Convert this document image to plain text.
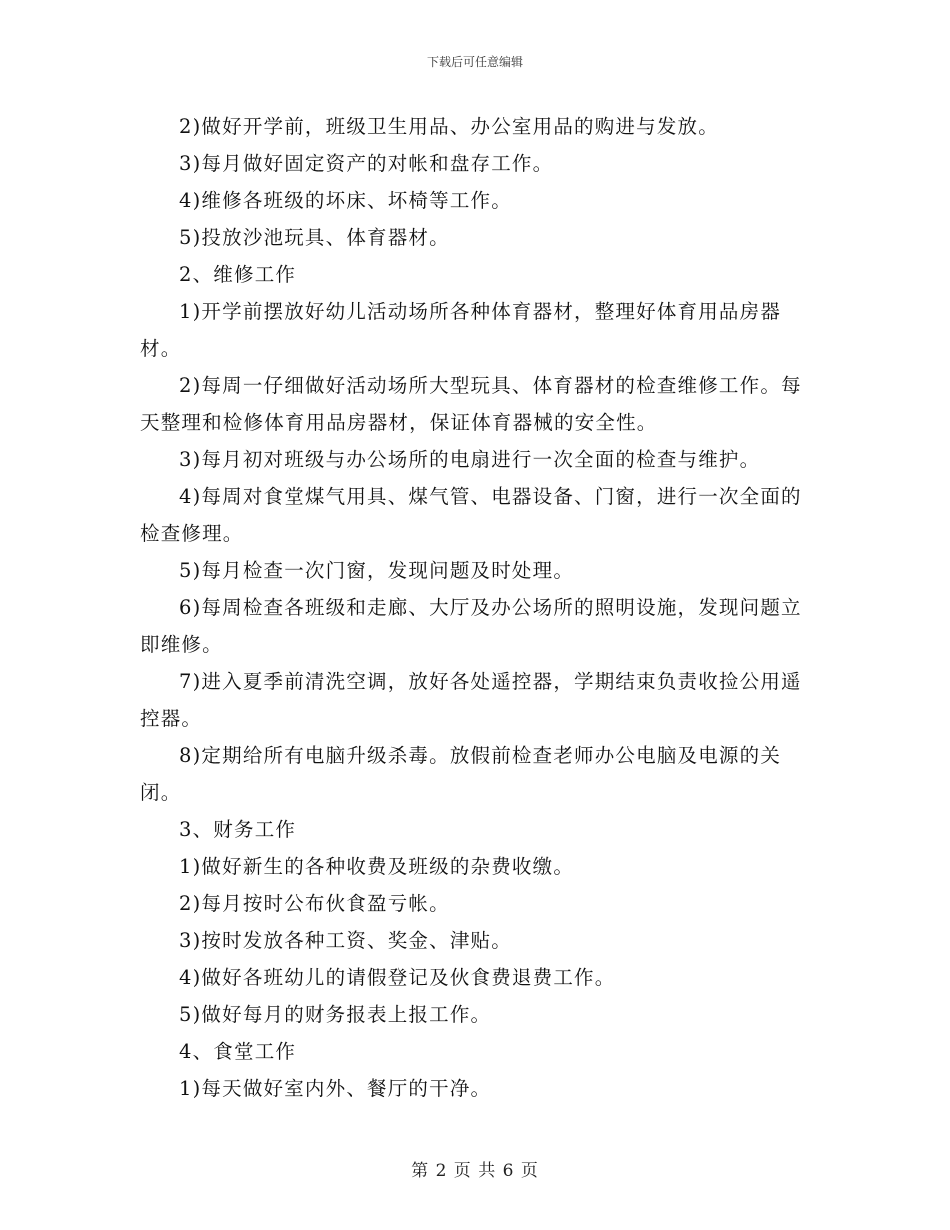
下载后可任意编辑

2)做好开学前，班级卫生用品、办公室用品的购进与发放。

3)每月做好固定资产的对帐和盘存工作。

4)维修各班级的坏床、坏椅等工作。

5)投放沙池玩具、体育器材。

2、维修工作

1)开学前摆放好幼儿活动场所各种体育器材，整理好体育用品房器材。

2)每周一仔细做好活动场所大型玩具、体育器材的检查维修工作。每天整理和检修体育用品房器材，保证体育器械的安全性。

3)每月初对班级与办公场所的电扇进行一次全面的检查与维护。

4)每周对食堂煤气用具、煤气管、电器设备、门窗，进行一次全面的检查修理。

5)每月检查一次门窗，发现问题及时处理。

6)每周检查各班级和走廊、大厅及办公场所的照明设施，发现问题立即维修。

7)进入夏季前清洗空调，放好各处遥控器，学期结束负责收捡公用遥控器。

8)定期给所有电脑升级杀毒。放假前检查老师办公电脑及电源的关闭。

3、财务工作

1)做好新生的各种收费及班级的杂费收缴。

2)每月按时公布伙食盈亏帐。

3)按时发放各种工资、奖金、津贴。

4)做好各班幼儿的请假登记及伙食费退费工作。

5)做好每月的财务报表上报工作。

4、食堂工作

1)每天做好室内外、餐厅的干净。

第 2 页 共 6 页
